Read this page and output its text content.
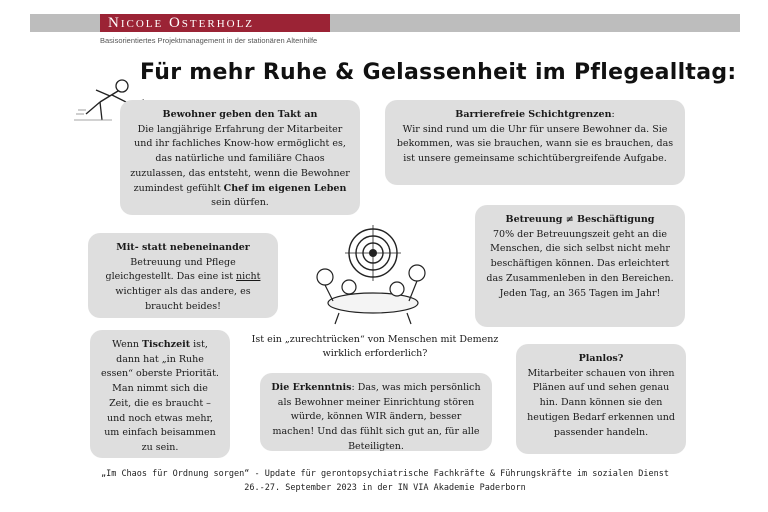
Nicole Osterholz
Basisorientiertes Projektmanagement in der stationären Altenhilfe
Für mehr Ruhe & Gelassenheit im Pflegealltag:
Bewohner geben den Takt an
Die langjährige Erfahrung der Mitarbeiter und ihr fachliches Know-how ermöglicht es, das natürliche und familiäre Chaos zuzulassen, das entsteht, wenn die Bewohner zumindest gefühlt Chef im eigenen Leben sein dürfen.
Barrierefreie Schichtgrenzen:
Wir sind rund um die Uhr für unsere Bewohner da. Sie bekommen, was sie brauchen, wann sie es brauchen, das ist unsere gemeinsame schichtübergreifende Aufgabe.
Mit- statt nebeneinander
Betreuung und Pflege gleichgestellt. Das eine ist nicht wichtiger als das andere, es braucht beides!
Betreuung ≠ Beschäftigung
70% der Betreuungszeit geht an die Menschen, die sich selbst nicht mehr beschäftigen können. Das erleichtert das Zusammenleben in den Bereichen. Jeden Tag, an 365 Tagen im Jahr!
Ist ein „zurechtrücken“ von Menschen mit Demenz wirklich erforderlich?
Wenn Tischzeit ist, dann hat „in Ruhe essen“ oberste Priorität. Man nimmt sich die Zeit, die es braucht – und noch etwas mehr, um einfach beisammen zu sein.
Die Erkenntnis: Das, was mich persönlich als Bewohner meiner Einrichtung stören würde, können WIR ändern, besser machen! Und das fühlt sich gut an, für alle Beteiligten.
Planlos?
Mitarbeiter schauen von ihren Plänen auf und sehen genau hin. Dann können sie den heutigen Bedarf erkennen und passender handeln.
„Im Chaos für Ordnung sorgen“ - Update für gerontopsychiatrische Fachkräfte & Führungskräfte im sozialen Dienst
26.-27. September 2023 in der IN VIA Akademie Paderborn
